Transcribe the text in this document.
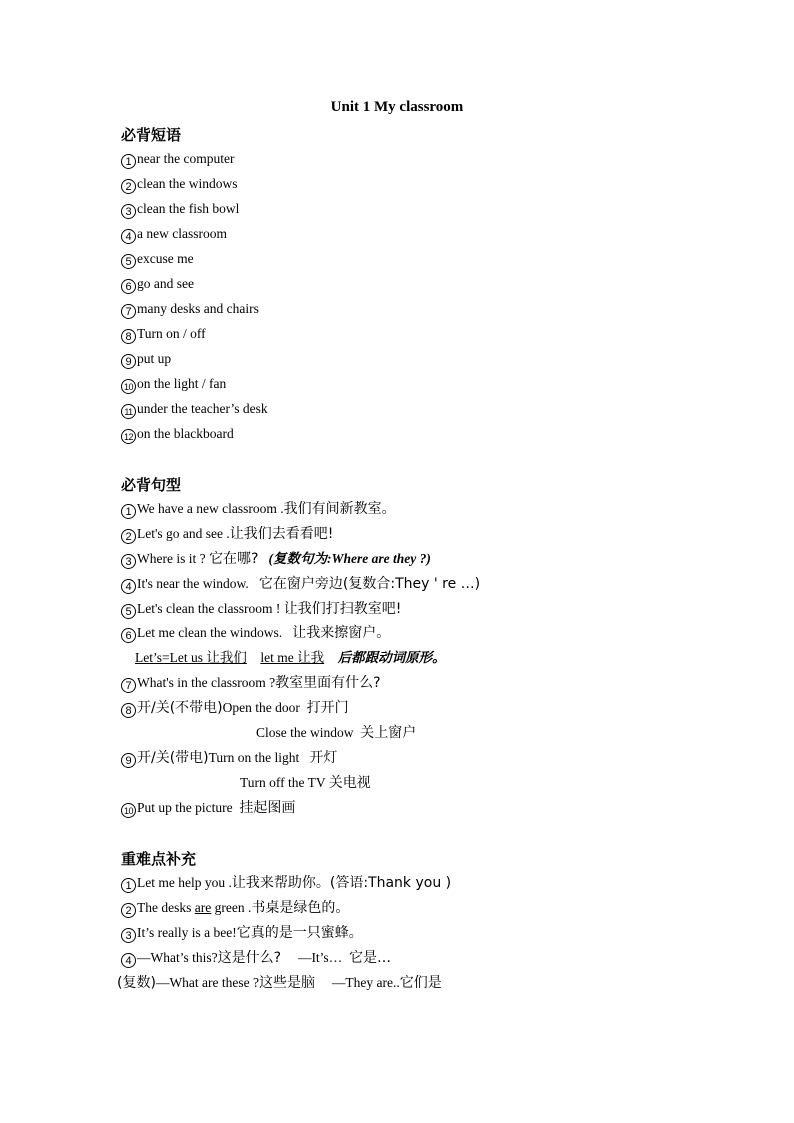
Unit 1 My classroom
必背短语
1 near the computer
2 clean the windows
3 clean the fish bowl
4 a new classroom
5 excuse me
6 go and see
7 many desks and chairs
8 Turn on / off
9 put up
10 on the light / fan
11 under the teacher’s desk
12 on the blackboard
必背句型
1 We have a new classroom .我们有间新教室。
2 Let's go and see .让我们去看看吧!
3 Where is it ? 它在哪? (复数句为:Where are they ?)
4 It's near the window. 它在窗户旁边(复数合:They ' re …)
5 Let's clean the classroom ! 让我们打扫教室吧!
6 Let me clean the windows. 让我来擦窗户。
Let’s=Let us 让我们 let me 让我 后都跟动词原形。
7 What's in the classroom ?教室里面有什么?
8 开/关(不带电)Open the door 打开门
Close the window 关上窗户
9 开/关(带电)Turn on the light 开灯
Turn off the TV 关电视
10 Put up the picture 挂起图画
重难点补充
1 Let me help you .让我来帮助你。(答语:Thank you )
2 The desks are green .书桌是绿色的。
3 It’s really is a bee!它真的是一只蜜蜂。
4 —What’s this?这是什么? —It’s… 它是…
(复数)—What are these ?这些是脑 —They are..它们是
